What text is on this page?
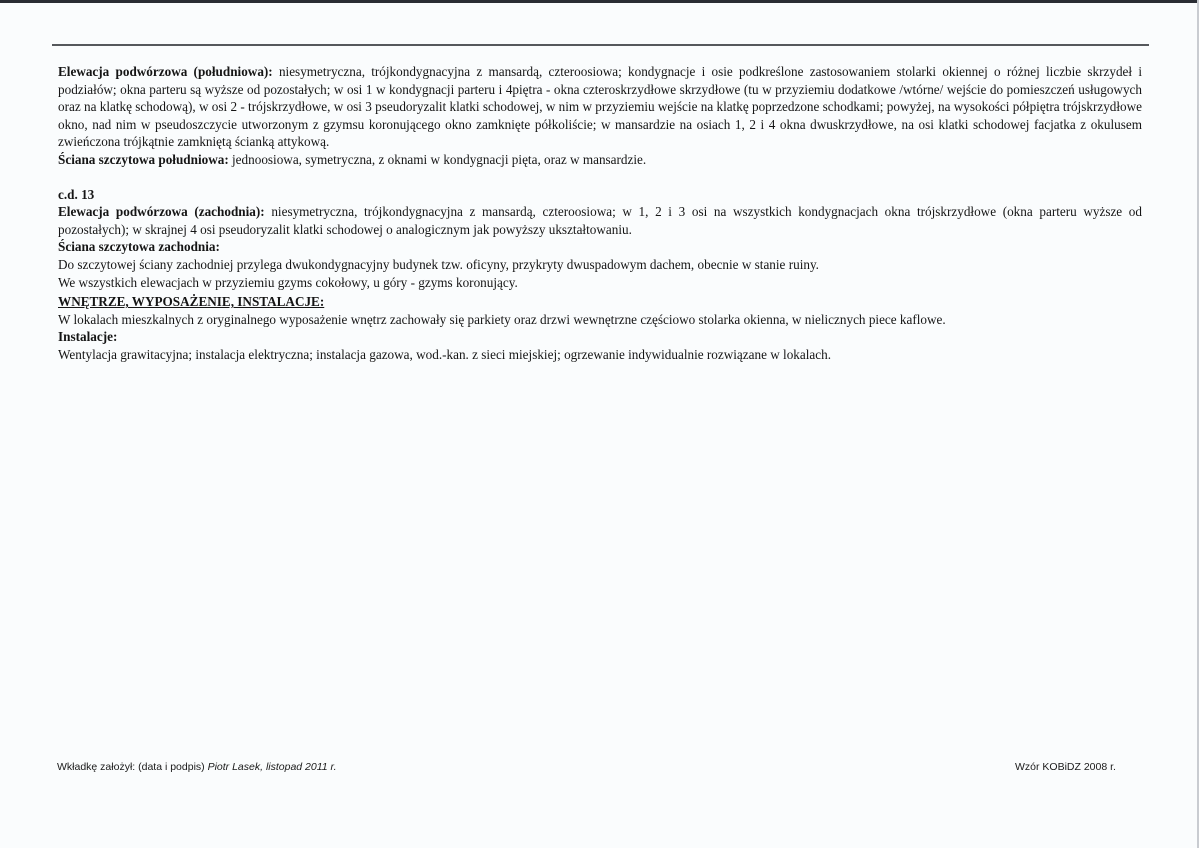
Elewacja podwórzowa (południowa): niesymetryczna, trójkondygnacyjna z mansardą, czteroosiowa; kondygnacje i osie podkreślone zastosowaniem stolarki okiennej o różnej liczbie skrzydeł i podziałów; okna parteru są wyższe od pozostałych; w osi 1 w kondygnacji parteru i 4piętra - okna czteroskrzydłowe skrzydłowe (tu w przyziemiu dodatkowe /wtórne/ wejście do pomieszczeń usługowych oraz na klatkę schodową), w osi 2 - trójskrzydłowe, w osi 3 pseudoryzalit klatki schodowej, w nim w przyziemiu wejście na klatkę poprzedzone schodkami; powyżej, na wysokości półpiętra trójskrzydłowe okno, nad nim w pseudoszczycie utworzonym z gzymsu koronującego okno zamknięte półkoliście; w mansardzie na osiach 1, 2 i 4 okna dwuskrzydłowe, na osi klatki schodowej facjatka z okulusem zwieńczona trójkątnie zamkniętą ścianką attykową.

Ściana szczytowa południowa: jednoosiowa, symetryczna, z oknami w kondygnacji pięta, oraz w mansardzie.

c.d. 13

Elewacja podwórzowa (zachodnia): niesymetryczna, trójkondygnacyjna z mansardą, czteroosiowa; w 1, 2 i 3 osi na wszystkich kondygnacjach okna trójskrzydłowe (okna parteru wyższe od pozostałych); w skrajnej 4 osi pseudoryzalit klatki schodowej o analogicznym jak powyższy ukształtowaniu.

Ściana szczytowa zachodnia:

Do szczytowej ściany zachodniej przylega dwukondygnacyjny budynek tzw. oficyny, przykryty dwuspadowym dachem, obecnie w stanie ruiny.

We wszystkich elewacjach w przyziemiu gzyms cokołowy, u góry - gzyms koronujący.

WNĘTRZE, WYPOSAŻENIE, INSTALACJE:

W lokalach mieszkalnych z oryginalnego wyposażenie wnętrz zachowały się parkiety oraz drzwi wewnętrzne częściowo stolarka okienna, w nielicznych piece kaflowe.

Instalacje:

Wentylacja grawitacyjna; instalacja elektryczna; instalacja gazowa, wod.-kan. z sieci miejskiej; ogrzewanie indywidualnie rozwiązane w lokalach.

Wkładkę założył: (data i podpis) Piotr Lasek, listopad 2011 r.	Wzór KOBiDZ 2008 r.
